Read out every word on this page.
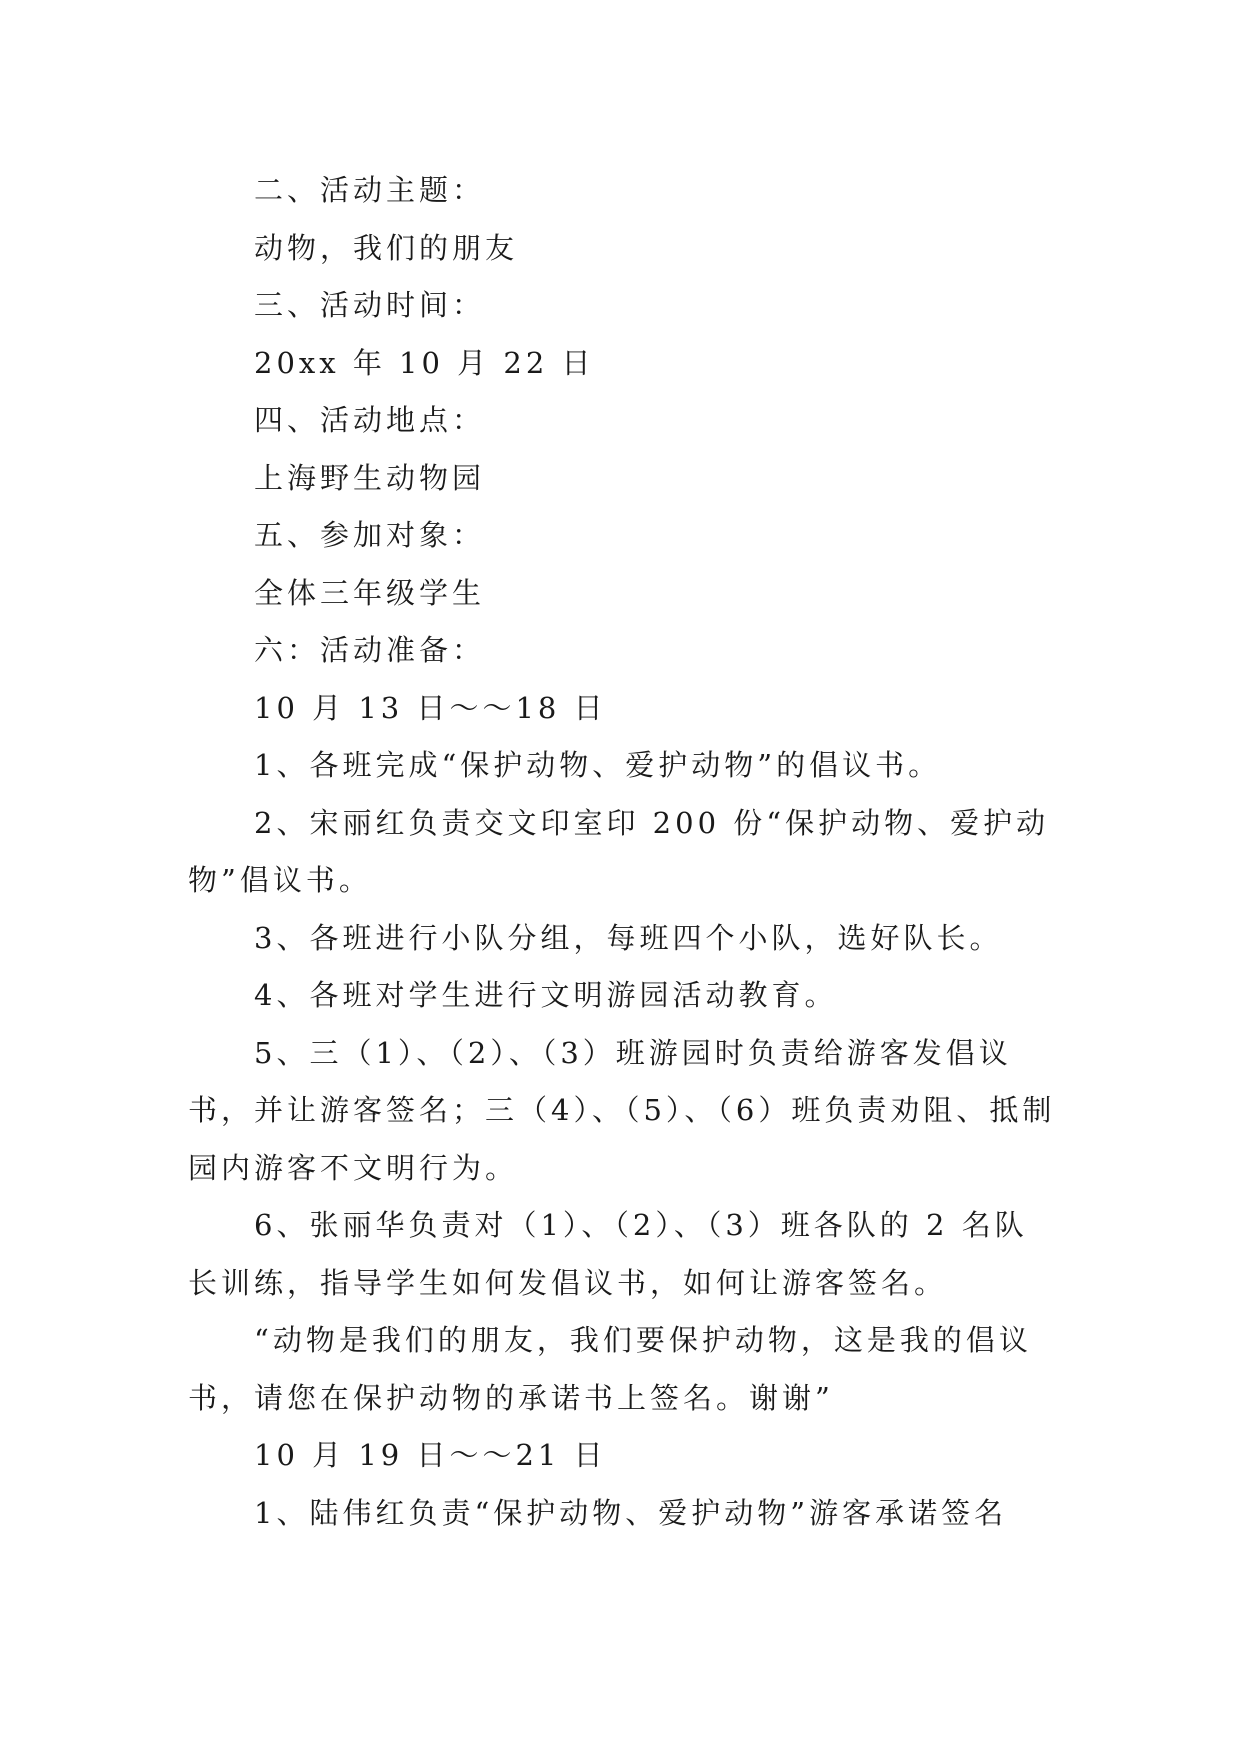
二、活动主题：

动物，我们的朋友

三、活动时间：

20xx 年 10 月 22 日

四、活动地点：

上海野生动物园

五、参加对象：

全体三年级学生

六：活动准备：

10 月 13 日～～18 日

1、各班完成“保护动物、爱护动物”的倡议书。

2、宋丽红负责交文印室印 200 份“保护动物、爱护动物”倡议书。

3、各班进行小队分组，每班四个小队，选好队长。

4、各班对学生进行文明游园活动教育。

5、三（1）、（2）、（3）班游园时负责给游客发倡议书，并让游客签名；三（4）、（5）、（6）班负责劝阻、抵制园内游客不文明行为。

6、张丽华负责对（1）、（2）、（3）班各队的 2 名队长训练，指导学生如何发倡议书，如何让游客签名。

“动物是我们的朋友，我们要保护动物，这是我的倡议书，请您在保护动物的承诺书上签名。谢谢”

10 月 19 日～～21 日

1、陆伟红负责“保护动物、爱护动物”游客承诺签名
